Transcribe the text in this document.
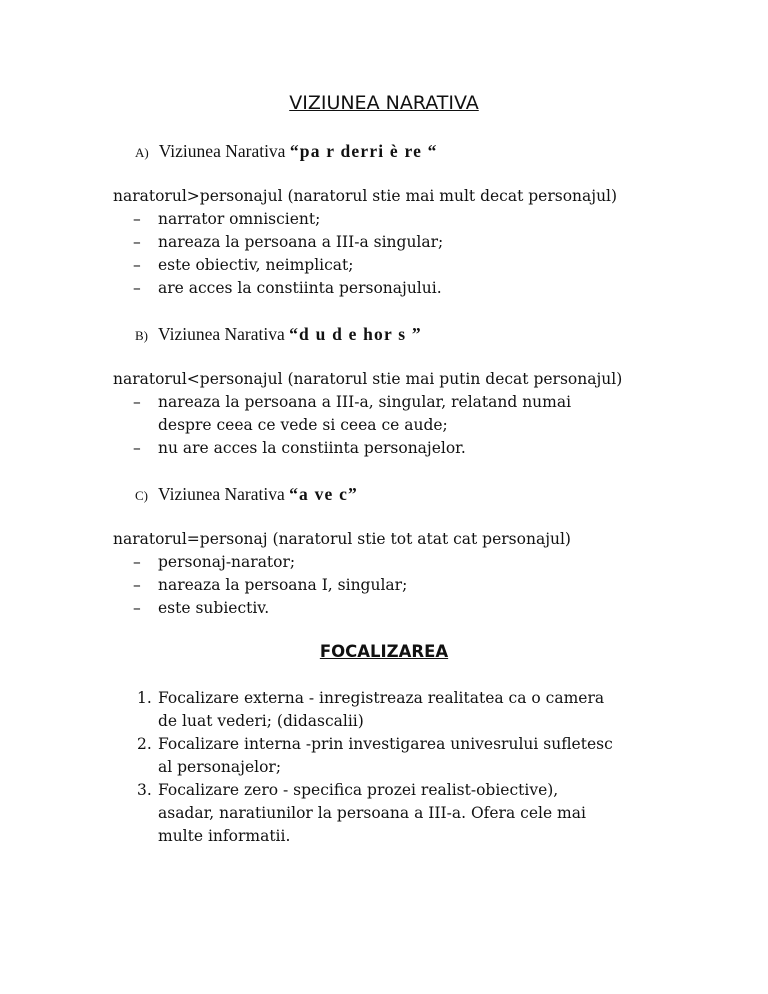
VIZIUNEA NARATIVA
A) Viziunea Narativa “pa r derri è re “
naratorul>personajul (naratorul stie mai mult decat personajul)
– narrator omniscient;
– nareaza la persoana a III-a singular;
– este obiectiv, neimplicat;
– are acces la constiinta personajului.
B) Viziunea Narativa “d u d e hor s ”
naratorul<personajul (naratorul stie mai putin decat personajul)
– nareaza la persoana a III-a, singular, relatand numai
despre ceea ce vede si ceea ce aude;
– nu are acces la constiinta personajelor.
C) Viziunea Narativa “a ve c”
naratorul=personaj (naratorul stie tot atat cat personajul)
– personaj-narator;
– nareaza la persoana I, singular;
– este subiectiv.
FOCALIZAREA
1. Focalizare externa - inregistreaza realitatea ca o camera
de luat vederi; (didascalii)
2. Focalizare interna -prin investigarea univesrului sufletesc
al personajelor;
3. Focalizare zero - specifica prozei realist-obiective),
asadar, naratiunilor la persoana a III-a. Ofera cele mai
multe informatii.
